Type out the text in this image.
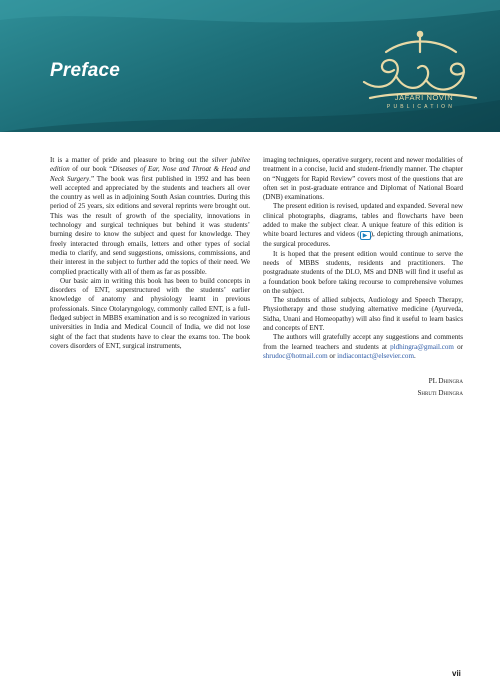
Preface
JAFARI NOVIN
PUBLICATION

It is a matter of pride and pleasure to bring out the silver jubilee edition of our book “Diseases of Ear, Nose and Throat & Head and Neck Surgery.” The book was first published in 1992 and has been well accepted and appreciated by the students and teachers all over the country as well as in adjoining South Asian countries. During this period of 25 years, six editions and several reprints were brought out. This was the result of growth of the speciality, innovations in technology and surgical techniques but behind it was students’ burning desire to know the subject and quest for knowledge. They freely interacted through emails, letters and other types of social media to clarify, and send suggestions, omissions, commissions, and their interest in the subject to further add the topics of their need. We complied practically with all of them as far as possible.

Our basic aim in writing this book has been to build concepts in disorders of ENT, superstructured with the students’ earlier knowledge of anatomy and physiology learnt in previous professionals. Since Otolaryngology, commonly called ENT, is a full-fledged subject in MBBS examination and is so recognized in various universities in India and Medical Council of India, we did not lose sight of the fact that students have to clear the exams too. The book covers disorders of ENT, surgical instruments,

imaging techniques, operative surgery, recent and newer modalities of treatment in a concise, lucid and student-friendly manner. The chapter on “Nuggets for Rapid Review” covers most of the questions that are often set in post-graduate entrance and Diplomat of National Board (DNB) examinations.

The present edition is revised, updated and expanded. Several new clinical photographs, diagrams, tables and flowcharts have been added to make the subject clear. A unique feature of this edition is white board lectures and videos ( ▶ ), depicting through animations, the surgical procedures.

It is hoped that the present edition would continue to serve the needs of MBBS students, residents and practitioners. The postgraduate students of the DLO, MS and DNB will find it useful as a foundation book before taking recourse to comprehensive volumes on the subject.

The students of allied subjects, Audiology and Speech Therapy, Physiotherapy and those studying alternative medicine (Ayurveda, Sidha, Unani and Homeopathy) will also find it useful to learn basics and concepts of ENT.

The authors will gratefully accept any suggestions and comments from the learned teachers and students at pldhingra@gmail.com or shrudoc@hotmail.com or indiacontact@elsevier.com.

PL Dhingra
Shruti Dhingra
vii
